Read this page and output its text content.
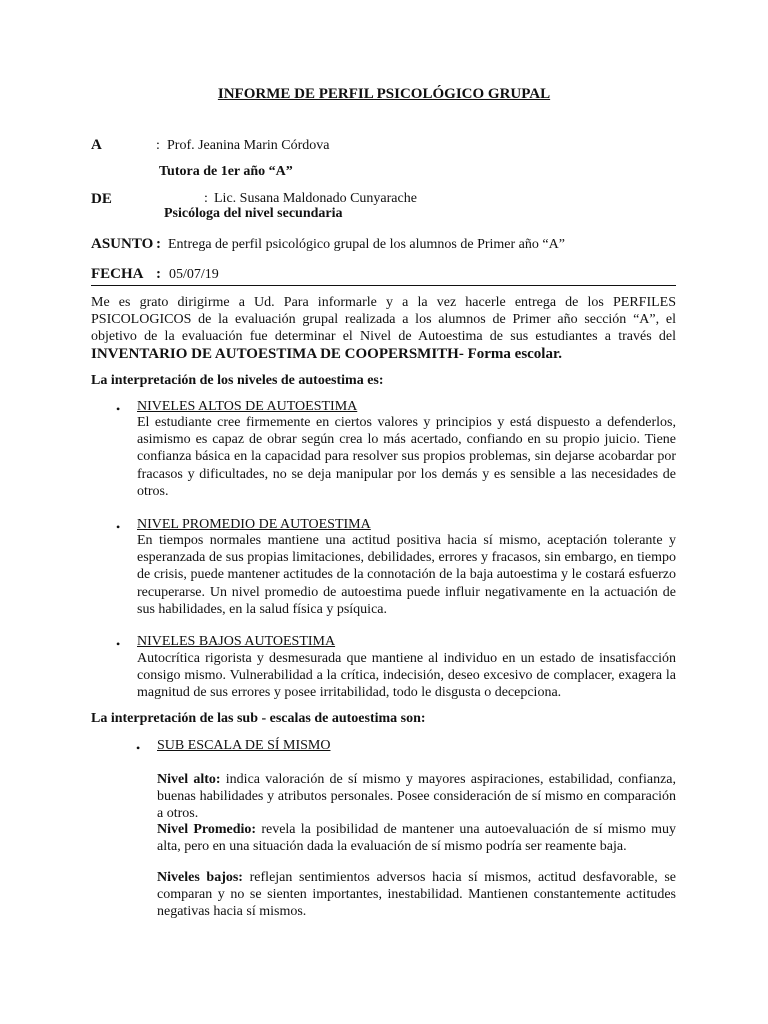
INFORME DE PERFIL PSICOLÓGICO GRUPAL
A	: Prof. Jeanina Marin Córdova
Tutora de 1er año “A”
DE	: Lic. Susana Maldonado Cunyarache
Psicóloga del nivel secundaria
ASUNTO : Entrega de perfil psicológico grupal de los alumnos de Primer año “A”
FECHA : 05/07/19
Me es grato dirigirme a Ud. Para informarle y a la vez hacerle entrega de los PERFILES PSICOLOGICOS de la evaluación grupal realizada a los alumnos de Primer año sección “A”, el objetivo de la evaluación fue determinar el Nivel de Autoestima de sus estudiantes a través del INVENTARIO DE AUTOESTIMA DE COOPERSMITH- Forma escolar.
La interpretación de los niveles de autoestima es:
• NIVELES ALTOS DE AUTOESTIMA
El estudiante cree firmemente en ciertos valores y principios y está dispuesto a defenderlos, asimismo es capaz de obrar según crea lo más acertado, confiando en su propio juicio. Tiene confianza básica en la capacidad para resolver sus propios problemas, sin dejarse acobardar por fracasos y dificultades, no se deja manipular por los demás y es sensible a las necesidades de otros.
• NIVEL PROMEDIO DE AUTOESTIMA
En tiempos normales mantiene una actitud positiva hacia sí mismo, aceptación tolerante y esperanzada de sus propias limitaciones, debilidades, errores y fracasos, sin embargo, en tiempo de crisis, puede mantener actitudes de la connotación de la baja autoestima y le costará esfuerzo recuperarse. Un nivel promedio de autoestima puede influir negativamente en la actuación de sus habilidades, en la salud física y psíquica.
• NIVELES BAJOS AUTOESTIMA
Autocrítica rigorista y desmesurada que mantiene al individuo en un estado de insatisfacción consigo mismo. Vulnerabilidad a la crítica, indecisión, deseo excesivo de complacer, exagera la magnitud de sus errores y posee irritabilidad, todo le disgusta o decepciona.
La interpretación de las sub - escalas de autoestima son:
• SUB ESCALA DE SÍ MISMO
Nivel alto: indica valoración de sí mismo y mayores aspiraciones, estabilidad, confianza, buenas habilidades y atributos personales. Posee consideración de sí mismo en comparación a otros.
Nivel Promedio: revela la posibilidad de mantener una autoevaluación de sí mismo muy alta, pero en una situación dada la evaluación de sí mismo podría ser reamente baja.
Niveles bajos: reflejan sentimientos adversos hacia sí mismos, actitud desfavorable, se comparan y no se sienten importantes, inestabilidad. Mantienen constantemente actitudes negativas hacia sí mismos.
